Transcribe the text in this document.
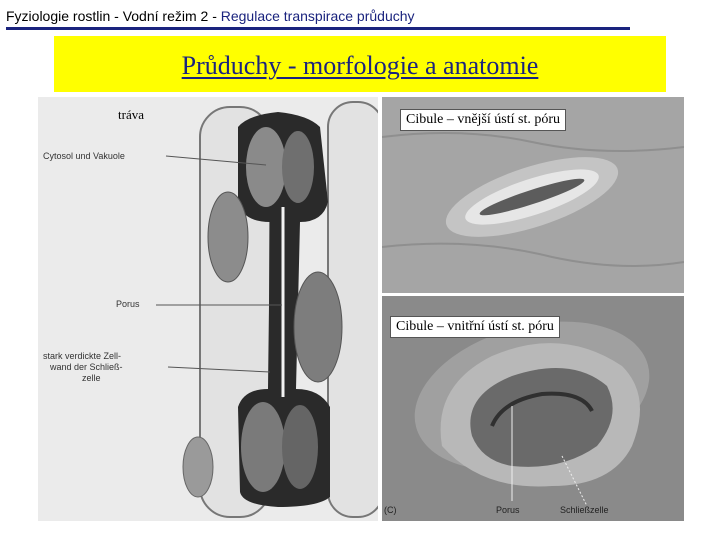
Fyziologie rostlin - Vodní režim 2 - Regulace transpirace průduchy
Průduchy - morfologie a anatomie
tráva
Cytosol und Vakuole
Porus
stark verdickte Zell-
wand der Schließ-
zelle
Cibule – vnější ústí st. póru
Cibule – vnitřní ústí st. póru
(C)	Porus	Schließzelle
